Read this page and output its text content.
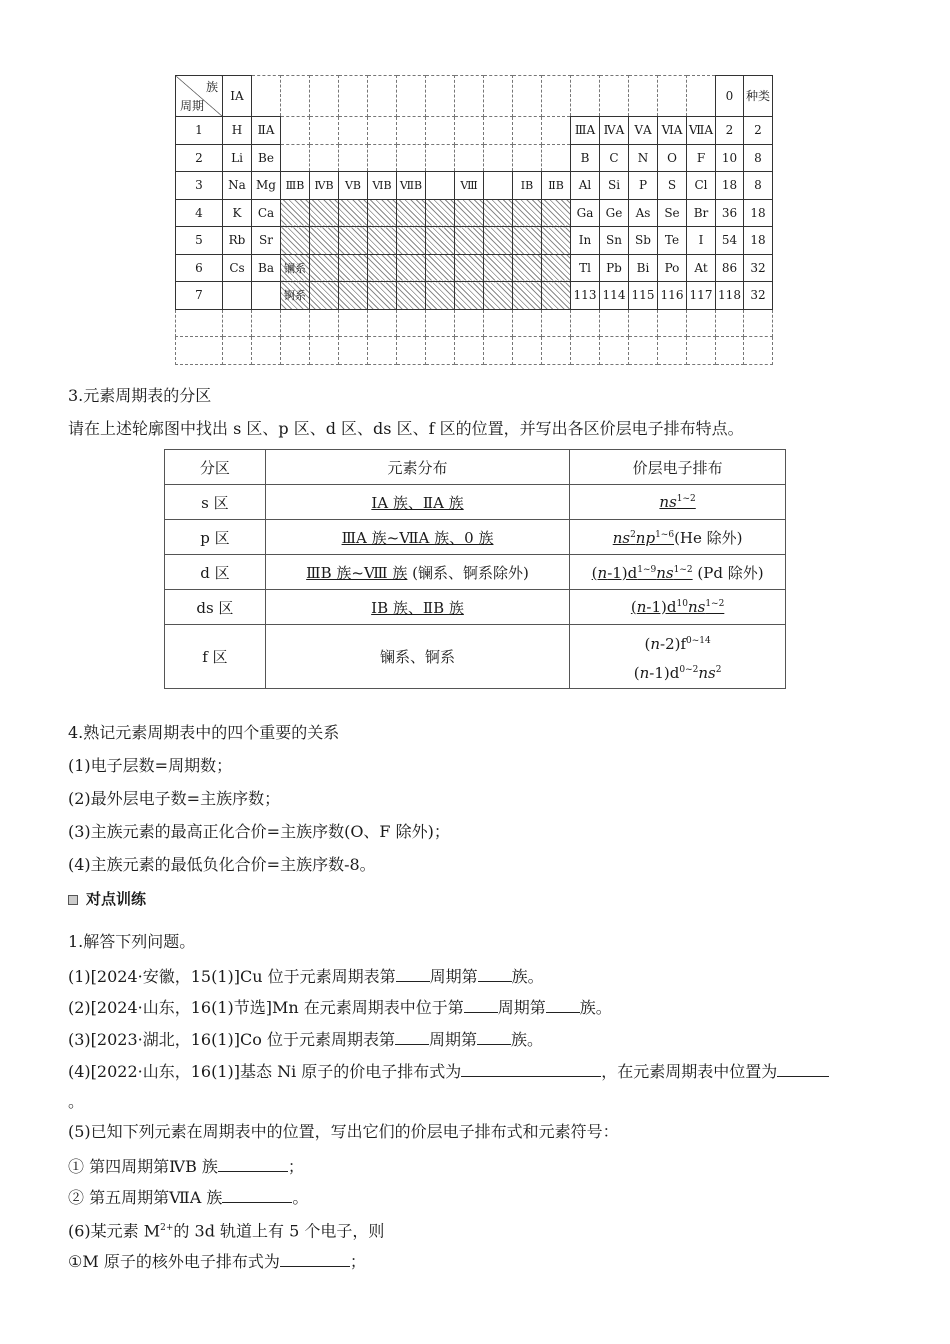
族
周期	ⅠA																	0	种类
1	H	ⅡA											ⅢA	ⅣA	ⅤA	ⅥA	ⅦA	2	2
2	Li	Be											B	C	N	O	F	10	8
3	Na	Mg	ⅢB	ⅣB	ⅤB	ⅥB	ⅦB		Ⅷ		ⅠB	ⅡB	Al	Si	P	S	Cl	18	8
4	K	Ca											Ga	Ge	As	Se	Br	36	18
5	Rb	Sr											In	Sn	Sb	Te	I	54	18
6	Cs	Ba	镧系										Tl	Pb	Bi	Po	At	86	32
7			锕系										113	114	115	116	117	118	32

3.元素周期表的分区
请在上述轮廓图中找出 s 区、p 区、d 区、ds 区、f 区的位置，并写出各区价层电子排布特点。
分区	元素分布	价层电子排布
s 区	ⅠA 族、ⅡA 族	$ns^{1\sim 2}$
p 区	ⅢA 族~ⅦA 族、0 族	$ns^2np^{1\sim 6}(He$ 除外)
d 区	ⅢB 族~Ⅷ 族 (镧系、锕系除外)	$(n-1)d^{1\sim 9}ns^{1\sim 2}$ (Pd 除外)
ds 区	ⅠB 族、ⅡB 族	$(n-1)d^{10}ns^{1\sim 2}$
f 区	镧系、锕系	$(n-2)f^{0\sim 14}$
$(n-1)d^{0\sim 2}ns^2$
4.熟记元素周期表中的四个重要的关系
(1)电子层数=周期数；
(2)最外层电子数=主族序数；
(3)主族元素的最高正化合价=主族序数(O、F 除外)；
(4)主族元素的最低负化合价=主族序数-8。
对点训练
1.解答下列问题。
(1)[2024·安徽，15(1)]Cu 位于元素周期表第 周期第 族。
(2)[2024·山东，16(1)节选]Mn 在元素周期表中位于第 周期第 族。
(3)[2023·湖北，16(1)]Co 位于元素周期表第 周期第 族。
(4)[2022·山东，16(1)]基态 Ni 原子的价电子排布式为	，在元素周期表中位置为
。
(5)已知下列元素在周期表中的位置，写出它们的价层电子排布式和元素符号：
① 第四周期第ⅣB 族	；
② 第五周期第ⅦA 族	。
(6)某元素 $M^{2+}$的 3d 轨道上有 5 个电子，则
①M 原子的核外电子排布式为	；
